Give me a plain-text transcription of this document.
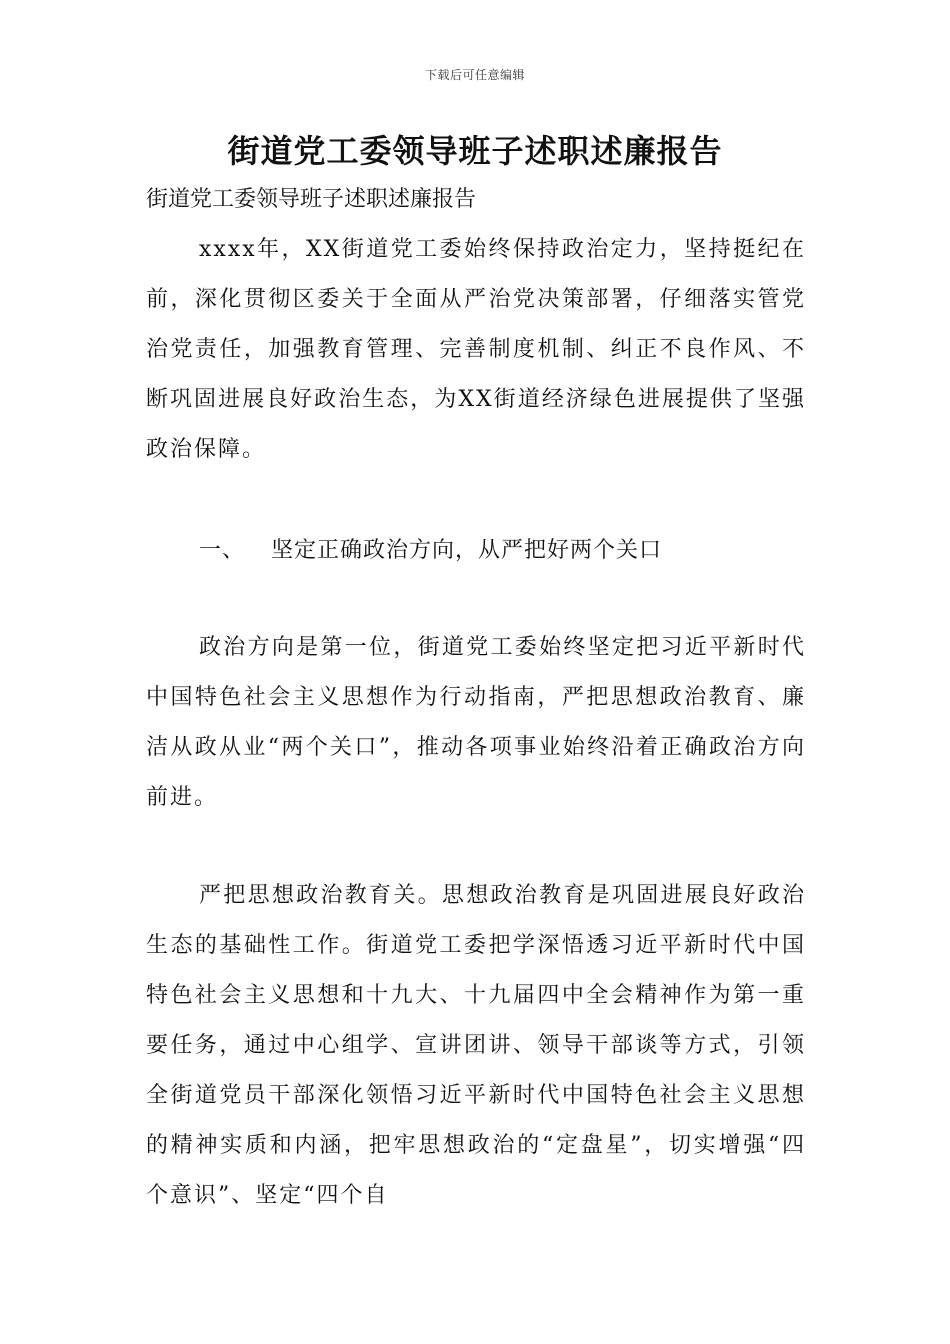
下载后可任意编辑
街道党工委领导班子述职述廉报告

街道党工委领导班子述职述廉报告

xxxx年，XX街道党工委始终保持政治定力，坚持挺纪在前，深化贯彻区委关于全面从严治党决策部署，仔细落实管党治党责任，加强教育管理、完善制度机制、纠正不良作风、不断巩固进展良好政治生态，为XX街道经济绿色进展提供了坚强政治保障。

一、 坚定正确政治方向，从严把好两个关口

政治方向是第一位，街道党工委始终坚定把习近平新时代中国特色社会主义思想作为行动指南，严把思想政治教育、廉洁从政从业“两个关口”，推动各项事业始终沿着正确政治方向前进。

严把思想政治教育关。思想政治教育是巩固进展良好政治生态的基础性工作。街道党工委把学深悟透习近平新时代中国特色社会主义思想和十九大、十九届四中全会精神作为第一重要任务，通过中心组学、宣讲团讲、领导干部谈等方式，引领全街道党员干部深化领悟习近平新时代中国特色社会主义思想的精神实质和内涵，把牢思想政治的“定盘星”，切实增强“四个意识”、坚定“四个自
